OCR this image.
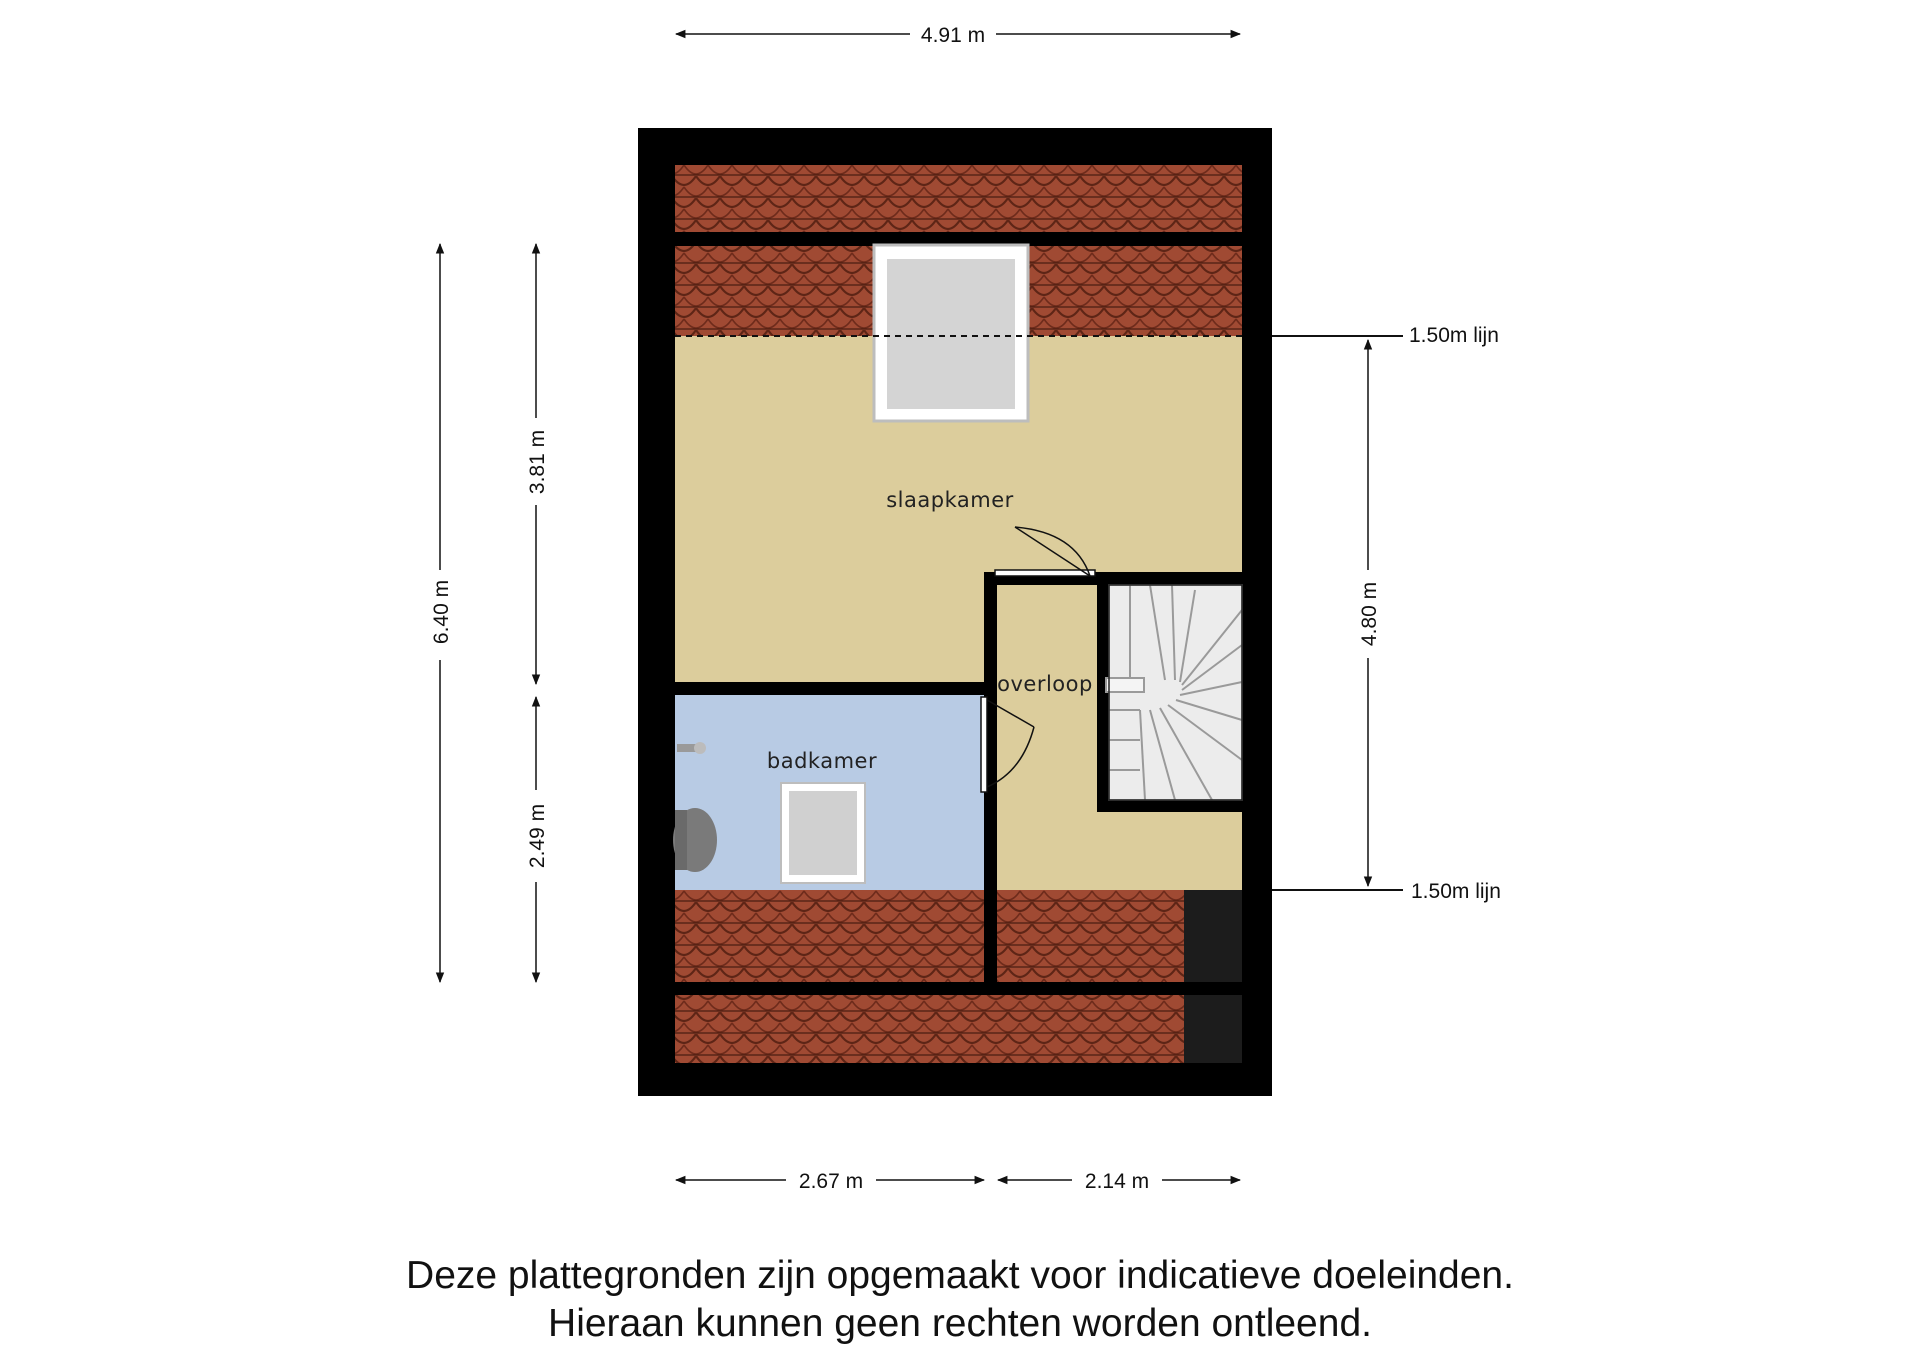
slaapkamer
overloop
badkamer
4.91 m
6.40 m
3.81 m
2.49 m
4.80 m
1.50m lijn
1.50m lijn
2.67 m	2.14 m
Deze plattegronden zijn opgemaakt voor indicatieve doeleinden.
Hieraan kunnen geen rechten worden ontleend.
